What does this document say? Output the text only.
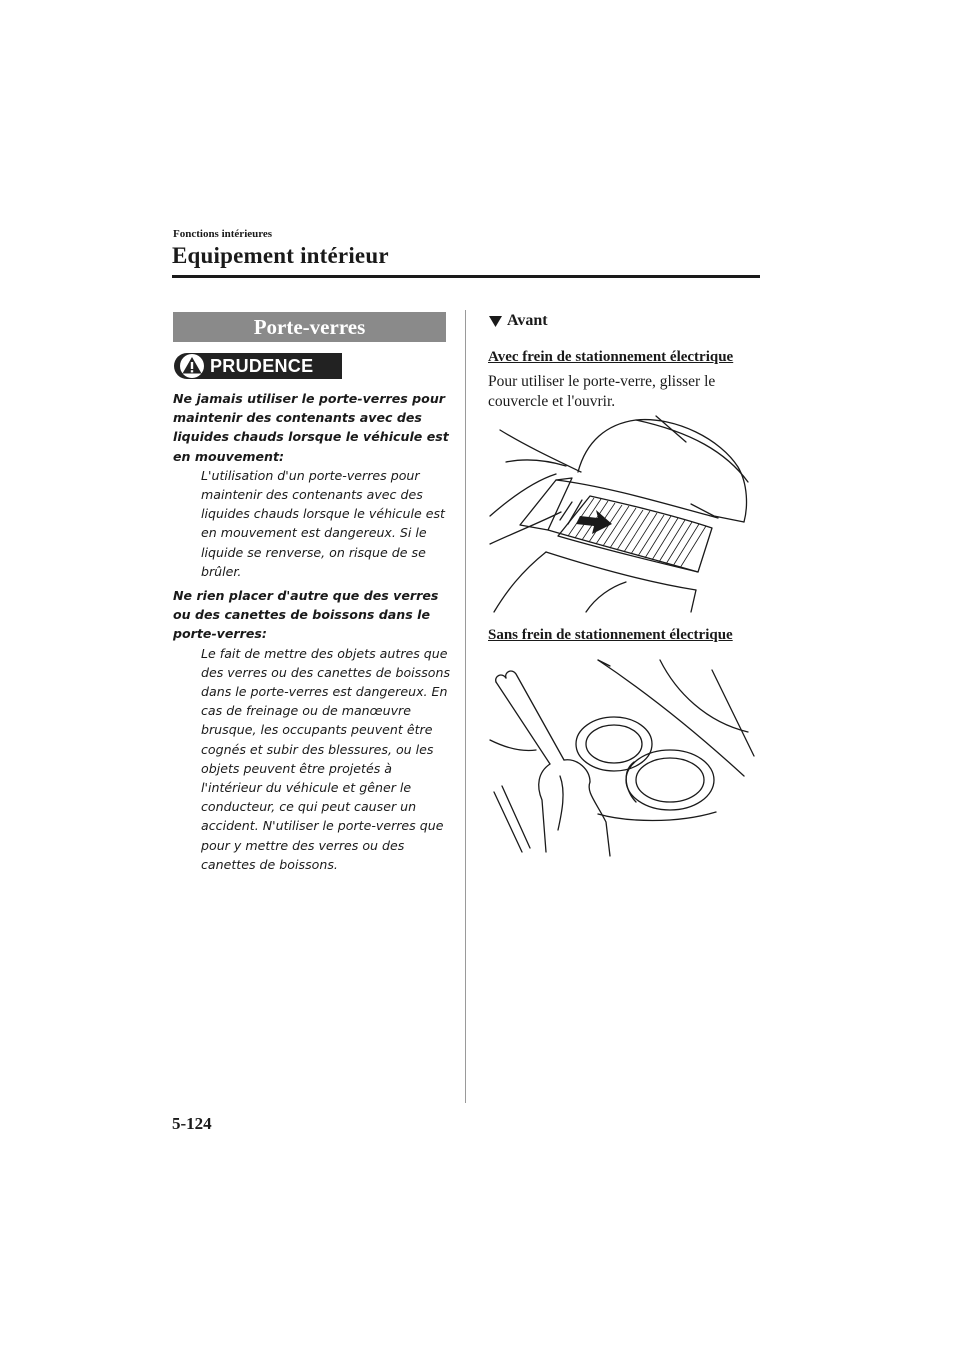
Fonctions intérieures
Equipement intérieur
Porte-verres
PRUDENCE
Ne jamais utiliser le porte-verres pour maintenir des contenants avec des liquides chauds lorsque le véhicule est en mouvement:
L'utilisation d'un porte-verres pour maintenir des contenants avec des liquides chauds lorsque le véhicule est en mouvement est dangereux. Si le liquide se renverse, on risque de se brûler.
Ne rien placer d'autre que des verres ou des canettes de boissons dans le porte-verres:
Le fait de mettre des objets autres que des verres ou des canettes de boissons dans le porte-verres est dangereux. En cas de freinage ou de manœuvre brusque, les occupants peuvent être cognés et subir des blessures, ou les objets peuvent être projetés à l'intérieur du véhicule et gêner le conducteur, ce qui peut causer un accident. N'utiliser le porte-verres que pour y mettre des verres ou des canettes de boissons.
Avant
Avec frein de stationnement électrique
Pour utiliser le porte-verre, glisser le couvercle et l'ouvrir.
Sans frein de stationnement électrique
5-124
